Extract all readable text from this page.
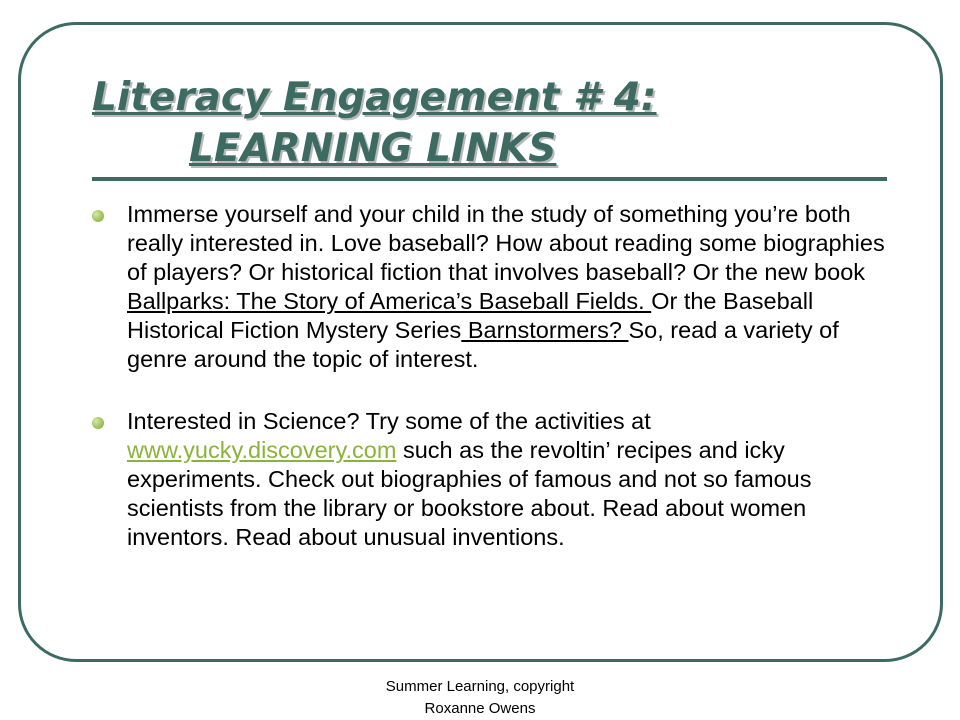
Literacy Engagement # 4:
LEARNING LINKS
Immerse yourself and your child in the study of something you’re both really interested in. Love baseball? How about reading some biographies of players? Or historical fiction that involves baseball? Or the new book Ballparks: The Story of America’s Baseball Fields. Or the Baseball Historical Fiction Mystery Series Barnstormers? So, read a variety of genre around the topic of interest.
Interested in Science? Try some of the activities at www.yucky.discovery.com such as the revoltin’ recipes and icky experiments. Check out biographies of famous and not so famous scientists from the library or bookstore about. Read about women inventors. Read about unusual inventions.

Summer Learning, copyright
Roxanne Owens
